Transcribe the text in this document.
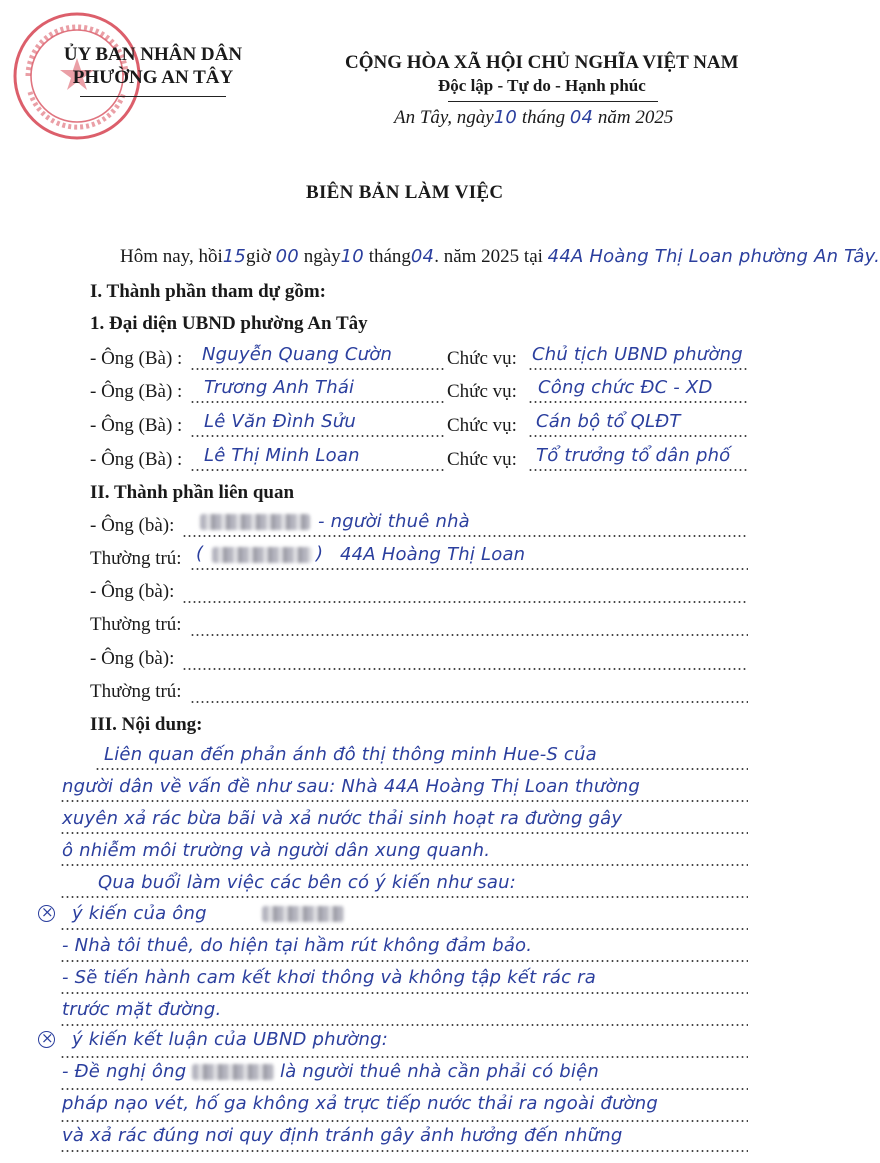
ỦY BAN NHÂN DÂN
PHƯỜNG AN TÂY
CỘNG HÒA XÃ HỘI CHỦ NGHĨA VIỆT NAM
Độc lập - Tự do - Hạnh phúc
An Tây, ngày10 tháng 04 năm 2025
BIÊN BẢN LÀM VIỆC
Hôm nay, hồi15giờ 00 ngày10 tháng04. năm 2025 tại 44A Hoàng Thị Loan phường An Tây.
I. Thành phần tham dự gồm:
1. Đại diện UBND phường An Tây
- Ông (Bà) : Nguyễn Quang Cườn	Chức vụ: Chủ tịch UBND phường
- Ông (Bà) : Trương Anh Thái	Chức vụ: Công chức ĐC - XD
- Ông (Bà) : Lê Văn Đình Sửu	Chức vụ: Cán bộ tổ QLĐT
- Ông (Bà) : Lê Thị Minh Loan	Chức vụ: Tổ trưởng tổ dân phố
II. Thành phần liên quan
- Ông (bà):	- người thuê nhà
Thường trú: (	) 44A Hoàng Thị Loan
- Ông (bà):
Thường trú:
- Ông (bà):
Thường trú:
III. Nội dung:
Liên quan đến phản ánh đô thị thông minh Hue-S của
người dân về vấn đề như sau: Nhà 44A Hoàng Thị Loan thường
xuyên xả rác bừa bãi và xả nước thải sinh hoạt ra đường gây
ô nhiễm môi trường và người dân xung quanh.
Qua buổi làm việc các bên có ý kiến như sau:
×
ý kiến của ông
- Nhà tôi thuê, do hiện tại hầm rút không đảm bảo.
- Sẽ tiến hành cam kết khơi thông và không tập kết rác ra
trước mặt đường.
×
ý kiến kết luận của UBND phường:
- Đề nghị ông	là người thuê nhà cần phải có biện
pháp nạo vét, hố ga không xả trực tiếp nước thải ra ngoài đường
và xả rác đúng nơi quy định tránh gây ảnh hưởng đến những
